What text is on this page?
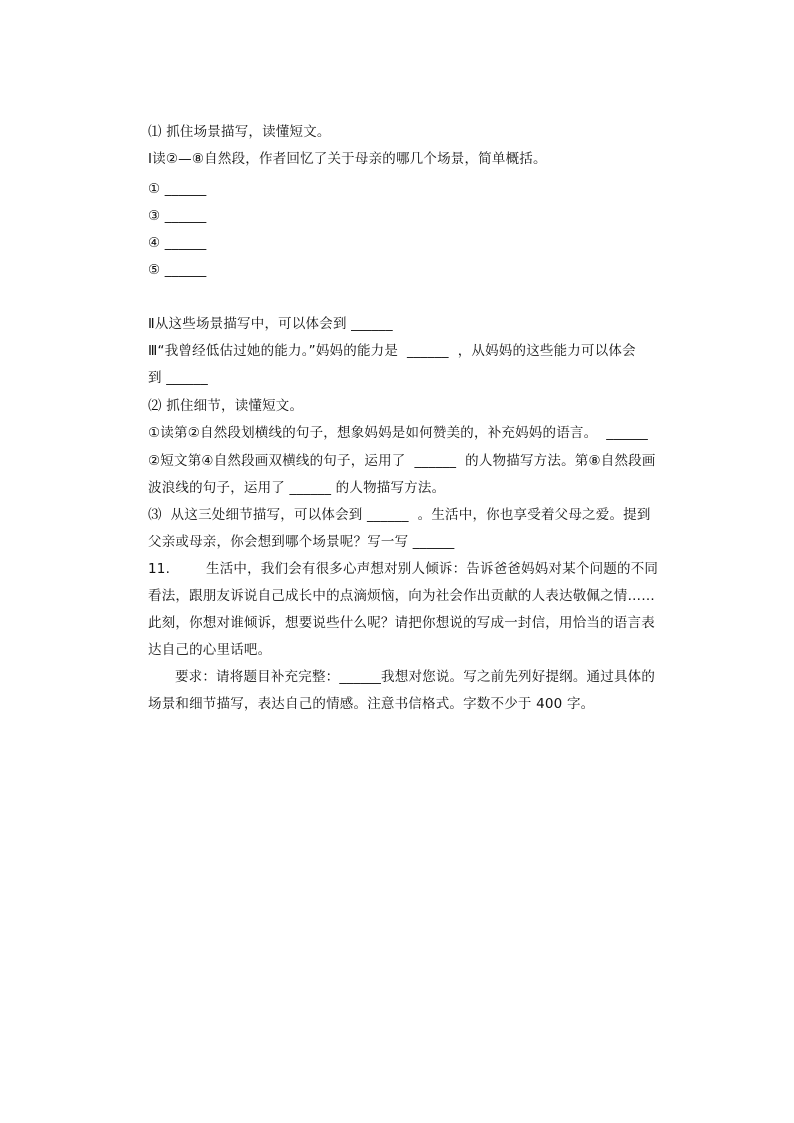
⑴ 抓住场景描写，读懂短文。
Ⅰ读②—⑧自然段，作者回忆了关于母亲的哪几个场景，简单概括。
① ______
③ ______
④ ______
⑤ ______
Ⅱ从这些场景描写中，可以体会到 ______
Ⅲ“我曾经低估过她的能力。”妈妈的能力是  ______  ，从妈妈的这些能力可以体会
到 ______
⑵ 抓住细节，读懂短文。
①读第②自然段划横线的句子，想象妈妈是如何赞美的，补充妈妈的语言。  ______
②短文第④自然段画双横线的句子，运用了  ______  的人物描写方法。第⑧自然段画
波浪线的句子，运用了 ______ 的人物描写方法。
⑶  从这三处细节描写，可以体会到 ______  。生活中，你也享受着父母之爱。提到
父亲或母亲，你会想到哪个场景呢？写一写 ______
11.        生活中，我们会有很多心声想对别人倾诉：告诉爸爸妈妈对某个问题的不同
看法，跟朋友诉说自己成长中的点滴烦恼，向为社会作出贡献的人表达敬佩之情……
此刻，你想对谁倾诉，想要说些什么呢？请把你想说的写成一封信，用恰当的语言表
达自己的心里话吧。
要求：请将题目补充完整：______我想对您说。写之前先列好提纲。通过具体的
场景和细节描写，表达自己的情感。注意书信格式。字数不少于 400 字。
